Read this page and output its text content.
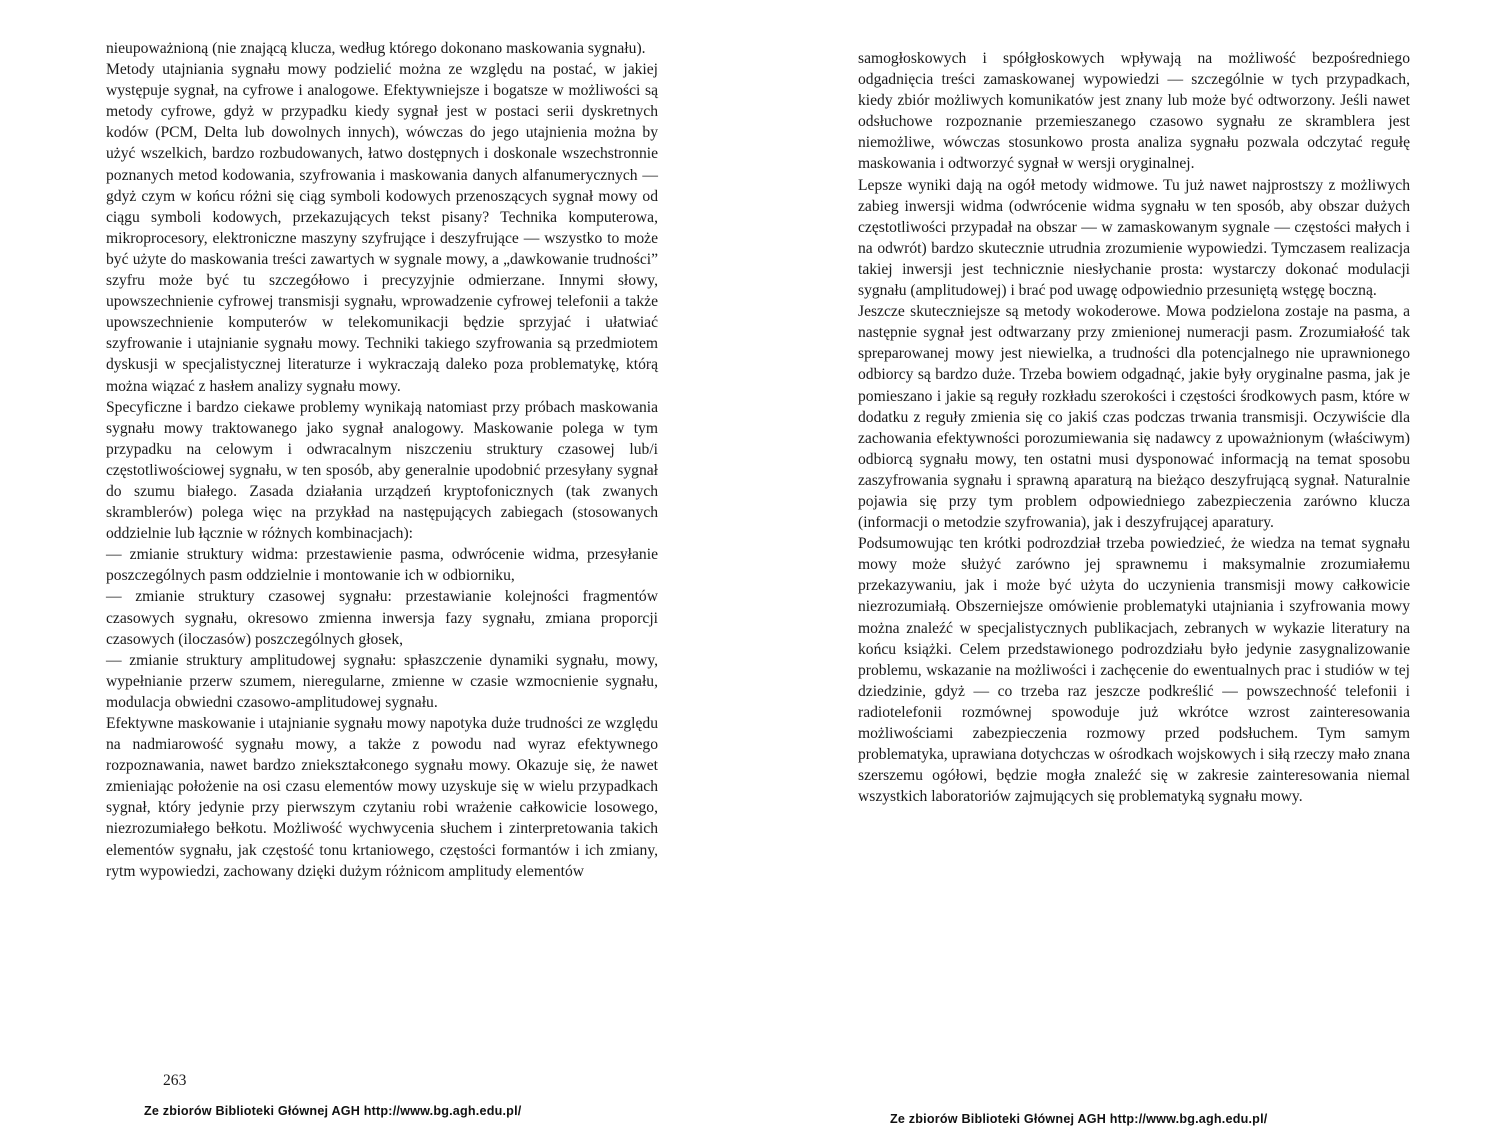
nieupoważnioną (nie znającą klucza, według którego dokonano maskowania sygnału).

Metody utajniania sygnału mowy podzielić można ze względu na postać, w jakiej występuje sygnał, na cyfrowe i analogowe. Efektywniejsze i bogatsze w możliwości są metody cyfrowe, gdyż w przypadku kiedy sygnał jest w postaci serii dyskretnych kodów (PCM, Delta lub dowolnych innych), wówczas do jego utajnienia można by użyć wszelkich, bardzo rozbudowanych, łatwo dostępnych i doskonale wszechstronnie poznanych metod kodowania, szyfrowania i maskowania danych alfanumerycznych — gdyż czym w końcu różni się ciąg symboli kodowych przenoszących sygnał mowy od ciągu symboli kodowych, przekazujących tekst pisany? Technika komputerowa, mikroprocesory, elektroniczne maszyny szyfrujące i deszyfrujące — wszystko to może być użyte do maskowania treści zawartych w sygnale mowy, a „dawkowanie trudności” szyfru może być tu szczegółowo i precyzyjnie odmierzane. Innymi słowy, upowszechnienie cyfrowej transmisji sygnału, wprowadzenie cyfrowej telefonii a także upowszechnienie komputerów w telekomunikacji będzie sprzyjać i ułatwiać szyfrowanie i utajnianie sygnału mowy. Techniki takiego szyfrowania są przedmiotem dyskusji w specjalistycznej literaturze i wykraczają daleko poza problematykę, którą można wiązać z hasłem analizy sygnału mowy.

Specyficzne i bardzo ciekawe problemy wynikają natomiast przy próbach maskowania sygnału mowy traktowanego jako sygnał analogowy. Maskowanie polega w tym przypadku na celowym i odwracalnym niszczeniu struktury czasowej lub/i częstotliwościowej sygnału, w ten sposób, aby generalnie upodobnić przesyłany sygnał do szumu białego. Zasada działania urządzeń kryptofonicznych (tak zwanych skramblerów) polega więc na przykład na następujących zabiegach (stosowanych oddzielnie lub łącznie w różnych kombinacjach):

— zmianie struktury widma: przestawienie pasma, odwrócenie widma, przesyłanie poszczególnych pasm oddzielnie i montowanie ich w odbiorniku,

— zmianie struktury czasowej sygnału: przestawianie kolejności fragmentów czasowych sygnału, okresowo zmienna inwersja fazy sygnału, zmiana proporcji czasowych (iloczasów) poszczególnych głosek,

— zmianie struktury amplitudowej sygnału: spłaszczenie dynamiki sygnału, mowy, wypełnianie przerw szumem, nieregularne, zmienne w czasie wzmocnienie sygnału, modulacja obwiedni czasowo-amplitudowej sygnału.

Efektywne maskowanie i utajnianie sygnału mowy napotyka duże trudności ze względu na nadmiarowość sygnału mowy, a także z powodu nad wyraz efektywnego rozpoznawania, nawet bardzo zniekształconego sygnału mowy. Okazuje się, że nawet zmieniając położenie na osi czasu elementów mowy uzyskuje się w wielu przypadkach sygnał, który jedynie przy pierwszym czytaniu robi wrażenie całkowicie losowego, niezrozumiałego bełkotu. Możliwość wychwycenia słuchem i zinterpretowania takich elementów sygnału, jak częstość tonu krtaniowego, częstości formantów i ich zmiany, rytm wypowiedzi, zachowany dzięki dużym różnicom amplitudy elementów

263
Ze zbiorów Biblioteki Głównej AGH http://www.bg.agh.edu.pl/

samogłoskowych i spółgłoskowych wpływają na możliwość bezpośredniego odgadnięcia treści zamaskowanej wypowiedzi — szczególnie w tych przypadkach, kiedy zbiór możliwych komunikatów jest znany lub może być odtworzony. Jeśli nawet odsłuchowe rozpoznanie przemieszanego czasowo sygnału ze skramblera jest niemożliwe, wówczas stosunkowo prosta analiza sygnału pozwala odczytać regułę maskowania i odtworzyć sygnał w wersji oryginalnej.

Lepsze wyniki dają na ogół metody widmowe. Tu już nawet najprostszy z możliwych zabieg inwersji widma (odwrócenie widma sygnału w ten sposób, aby obszar dużych częstotliwości przypadał na obszar — w zamaskowanym sygnale — częstości małych i na odwrót) bardzo skutecznie utrudnia zrozumienie wypowiedzi. Tymczasem realizacja takiej inwersji jest technicznie niesłychanie prosta: wystarczy dokonać modulacji sygnału (amplitudowej) i brać pod uwagę odpowiednio przesuniętą wstęgę boczną.

Jeszcze skuteczniejsze są metody wokoderowe. Mowa podzielona zostaje na pasma, a następnie sygnał jest odtwarzany przy zmienionej numeracji pasm. Zrozumiałość tak spreparowanej mowy jest niewielka, a trudności dla potencjalnego nie uprawnionego odbiorcy są bardzo duże. Trzeba bowiem odgadnąć, jakie były oryginalne pasma, jak je pomieszano i jakie są reguły rozkładu szerokości i częstości środkowych pasm, które w dodatku z reguły zmienia się co jakiś czas podczas trwania transmisji. Oczywiście dla zachowania efektywności porozumiewania się nadawcy z upoważnionym (właściwym) odbiorcą sygnału mowy, ten ostatni musi dysponować informacją na temat sposobu zaszyfrowania sygnału i sprawną aparaturą na bieżąco deszyfrującą sygnał. Naturalnie pojawia się przy tym problem odpowiedniego zabezpieczenia zarówno klucza (informacji o metodzie szyfrowania), jak i deszyfrującej aparatury.

Podsumowując ten krótki podrozdział trzeba powiedzieć, że wiedza na temat sygnału mowy może służyć zarówno jej sprawnemu i maksymalnie zrozumiałemu przekazywaniu, jak i może być użyta do uczynienia transmisji mowy całkowicie niezrozumiałą. Obszerniejsze omówienie problematyki utajniania i szyfrowania mowy można znaleźć w specjalistycznych publikacjach, zebranych w wykazie literatury na końcu książki. Celem przedstawionego podrozdziału było jedynie zasygnalizowanie problemu, wskazanie na możliwości i zachęcenie do ewentualnych prac i studiów w tej dziedzinie, gdyż — co trzeba raz jeszcze podkreślić — powszechność telefonii i radiotelefonii rozmównej spowoduje już wkrótce wzrost zainteresowania możliwościami zabezpieczenia rozmowy przed podsłuchem. Tym samym problematyka, uprawiana dotychczas w ośrodkach wojskowych i siłą rzeczy mało znana szerszemu ogółowi, będzie mogła znaleźć się w zakresie zainteresowania niemal wszystkich laboratoriów zajmujących się problematyką sygnału mowy.

Ze zbiorów Biblioteki Głównej AGH http://www.bg.agh.edu.pl/
